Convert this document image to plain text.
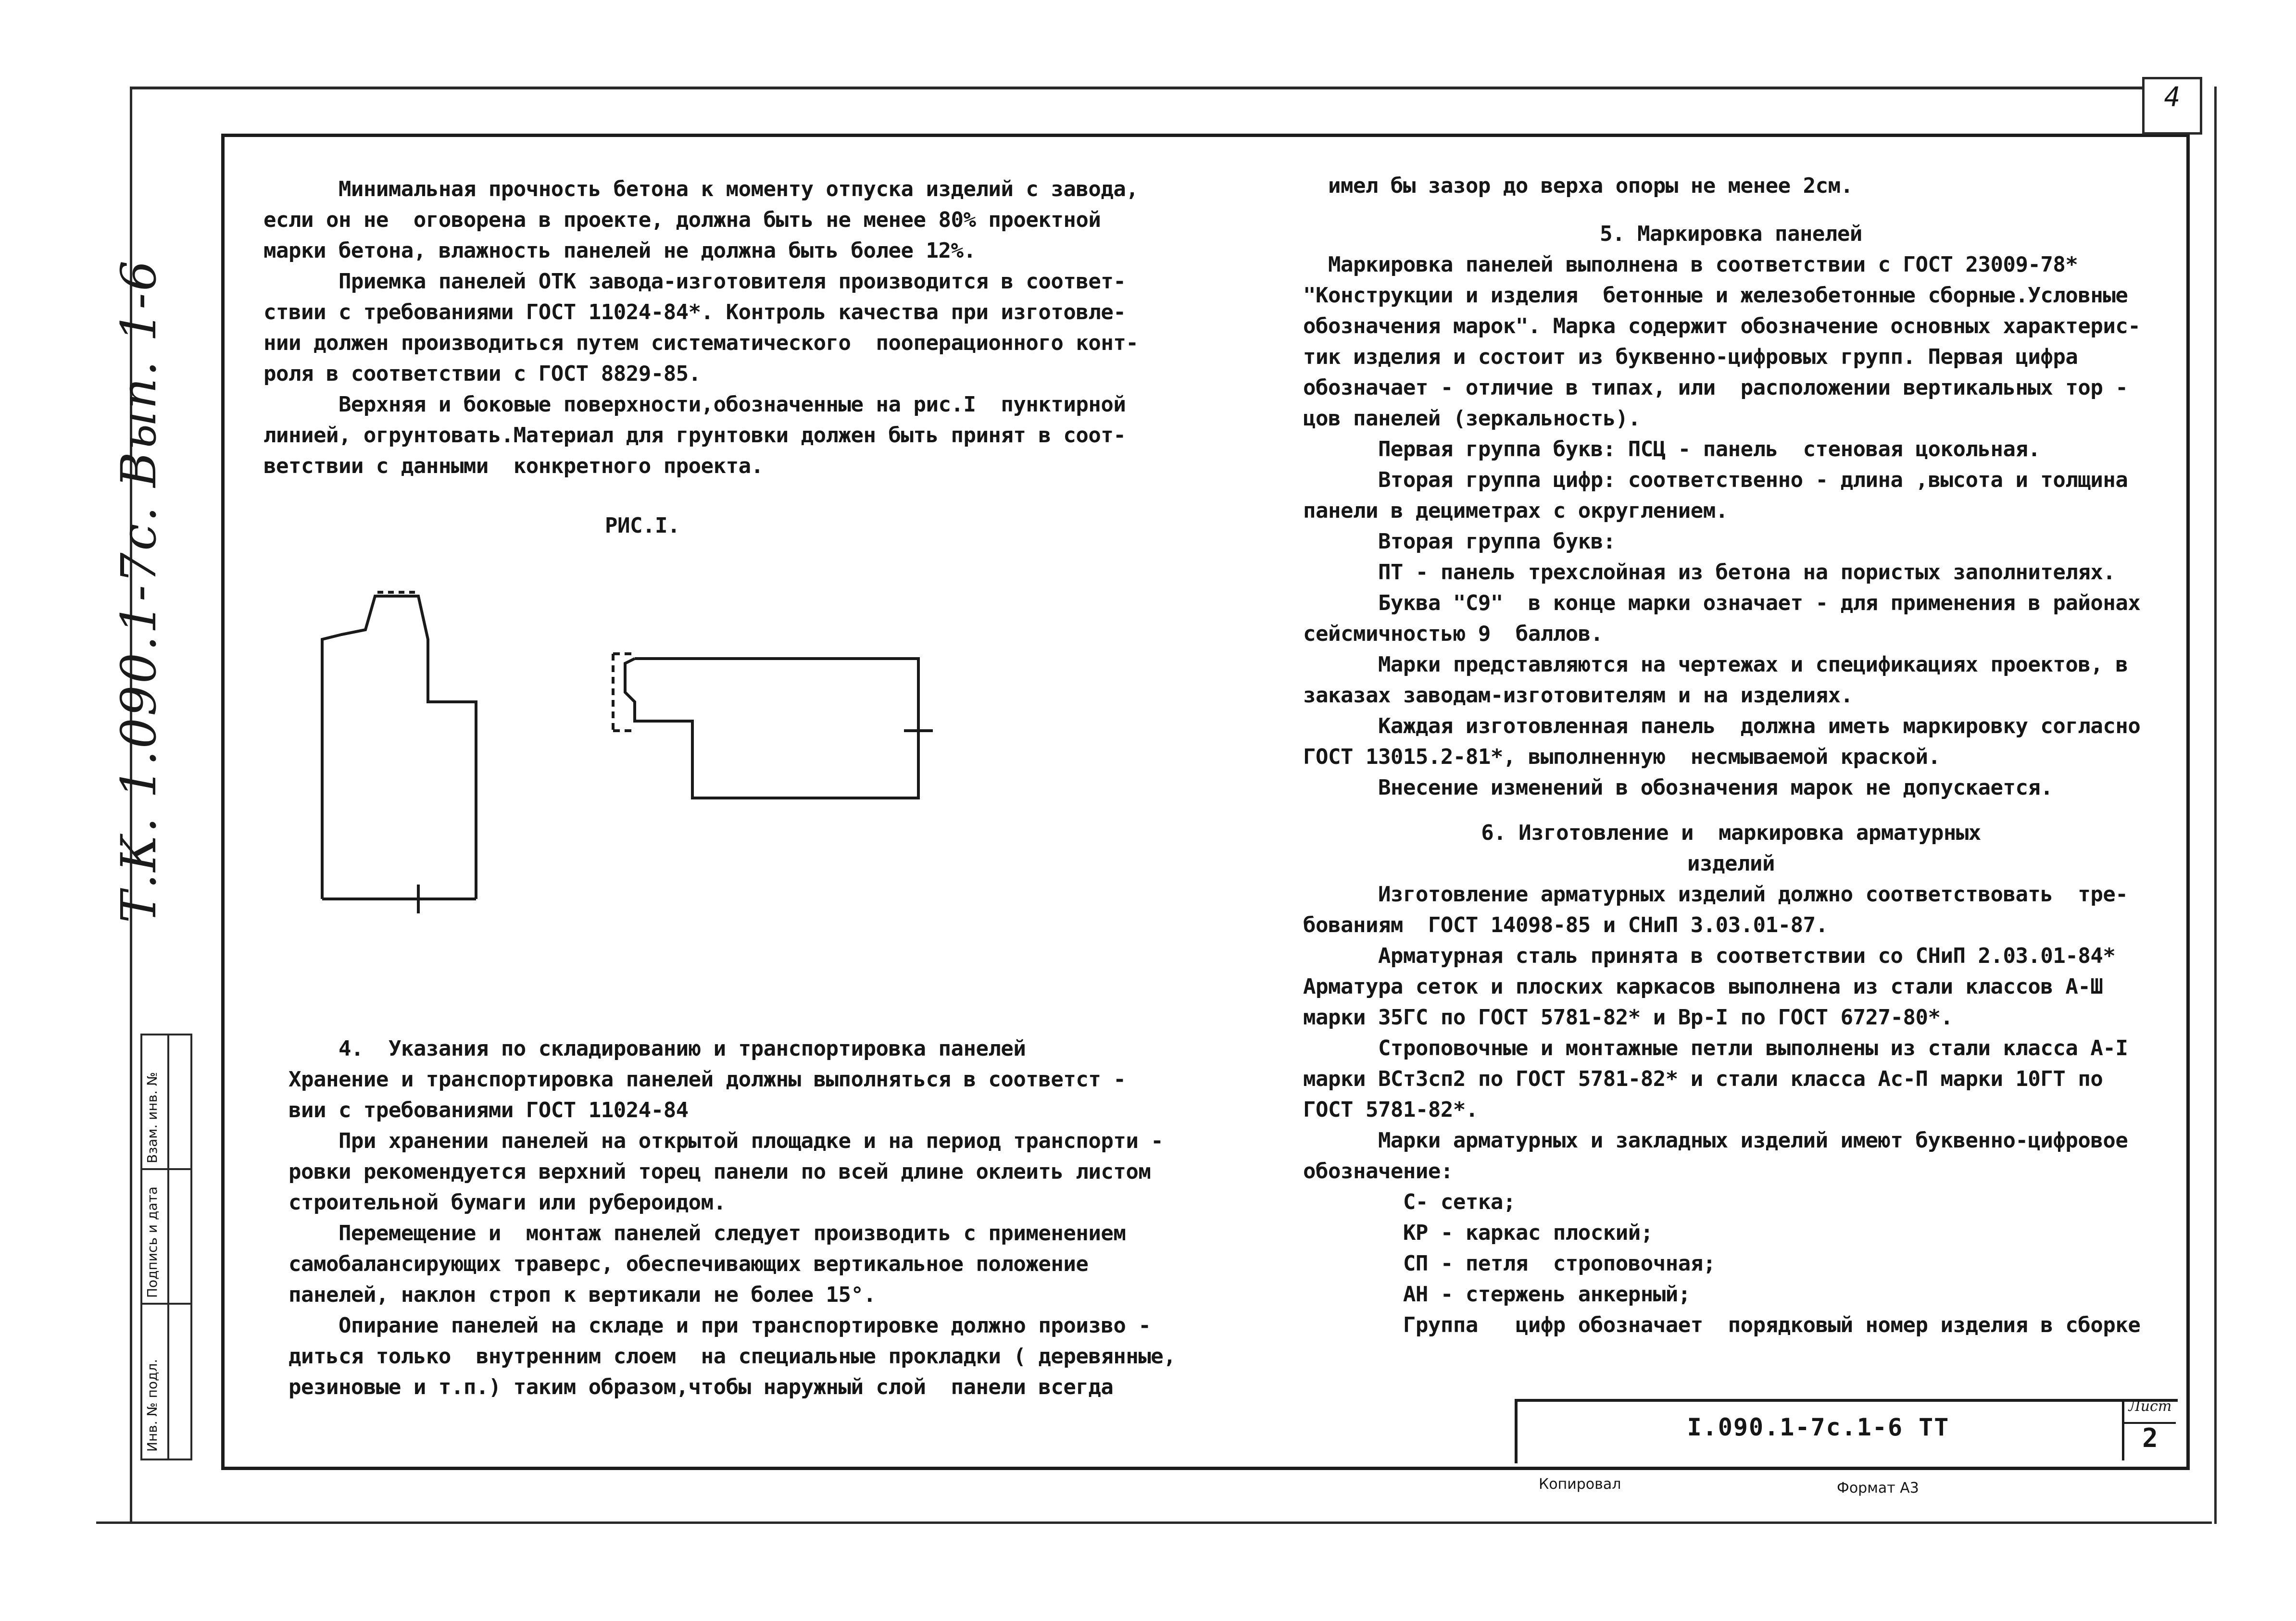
4
Т.К. 1.090.1-7с. Вып. 1-6
Инв. № подл.
Подпись и дата
Взам. инв. №
Минимальная прочность бетона к моменту отпуска изделий с завода,
если он не  оговорена в проекте, должна быть не менее 80% проектной
марки бетона, влажность панелей не должна быть более 12%.
Приемка панелей ОТК завода-изготовителя производится в соответ-
ствии с требованиями ГОСТ 11024-84*. Контроль качества при изготовле-
нии должен производиться путем систематического  пооперационного конт-
роля в соответствии с ГОСТ 8829-85.
Верхняя и боковые поверхности,обозначенные на рис.I  пунктирной
линией, огрунтовать.Материал для грунтовки должен быть принят в соот-
ветствии с данными  конкретного проекта.
РИС.I.
4.  Указания по складированию и транспортировка панелей
Хранение и транспортировка панелей должны выполняться в соответст -
вии с требованиями ГОСТ 11024-84
При хранении панелей на открытой площадке и на период транспорти -
ровки рекомендуется верхний торец панели по всей длине оклеить листом
строительной бумаги или рубероидом.
Перемещение и  монтаж панелей следует производить с применением
самобалансирующих траверс, обеспечивающих вертикальное положение
панелей, наклон строп к вертикали не более 15°.
Опирание панелей на складе и при транспортировке должно произво -
диться только  внутренним слоем  на специальные прокладки ( деревянные,
резиновые и т.п.) таким образом,чтобы наружный слой  панели всегда
имел бы зазор до верха опоры не менее 2см.
5. Маркировка панелей
Маркировка панелей выполнена в соответствии с ГОСТ 23009-78*
"Конструкции и изделия  бетонные и железобетонные сборные.Условные
обозначения марок". Марка содержит обозначение основных характерис-
тик изделия и состоит из буквенно-цифровых групп. Первая цифра
обозначает - отличие в типах, или  расположении вертикальных тор -
цов панелей (зеркальность).
Первая группа букв: ПСЦ - панель  стеновая цокольная.
Вторая группа цифр: соответственно - длина ,высота и толщина
панели в дециметрах с округлением.
Вторая группа букв:
ПТ - панель трехслойная из бетона на пористых заполнителях.
Буква "С9"  в конце марки означает - для применения в районах
сейсмичностью 9  баллов.
Марки представляются на чертежах и спецификациях проектов, в
заказах заводам-изготовителям и на изделиях.
Каждая изготовленная панель  должна иметь маркировку согласно
ГОСТ 13015.2-81*, выполненную  несмываемой краской.
Внесение изменений в обозначения марок не допускается.
6. Изготовление и  маркировка арматурных
изделий
Изготовление арматурных изделий должно соответствовать  тре-
бованиям  ГОСТ 14098-85 и СНиП 3.03.01-87.
Арматурная сталь принята в соответствии со СНиП 2.03.01-84*
Арматура сеток и плоских каркасов выполнена из стали классов А-Ш
марки 35ГС по ГОСТ 5781-82* и Вр-I по ГОСТ 6727-80*.
Строповочные и монтажные петли выполнены из стали класса А-I
марки ВСт3сп2 по ГОСТ 5781-82* и стали класса Ас-П марки 10ГТ по
ГОСТ 5781-82*.
Марки арматурных и закладных изделий имеют буквенно-цифровое
обозначение:
С- сетка;
КР - каркас плоский;
СП - петля  строповочная;
АН - стержень анкерный;
Группа   цифр обозначает  порядковый номер изделия в сборке
I.090.1-7с.1-6 ТТ
Лист
2
Копировал	Формат А3
